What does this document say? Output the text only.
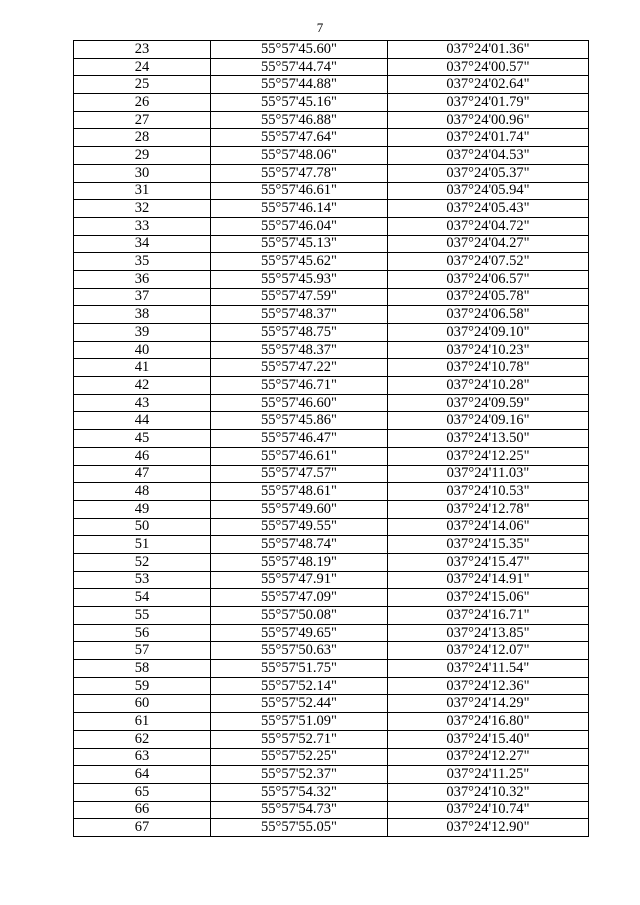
7
23	55°57'45.60"	037°24'01.36"
24	55°57'44.74"	037°24'00.57"
25	55°57'44.88"	037°24'02.64"
26	55°57'45.16"	037°24'01.79"
27	55°57'46.88"	037°24'00.96"
28	55°57'47.64"	037°24'01.74"
29	55°57'48.06"	037°24'04.53"
30	55°57'47.78"	037°24'05.37"
31	55°57'46.61"	037°24'05.94"
32	55°57'46.14"	037°24'05.43"
33	55°57'46.04"	037°24'04.72"
34	55°57'45.13"	037°24'04.27"
35	55°57'45.62"	037°24'07.52"
36	55°57'45.93"	037°24'06.57"
37	55°57'47.59"	037°24'05.78"
38	55°57'48.37"	037°24'06.58"
39	55°57'48.75"	037°24'09.10"
40	55°57'48.37"	037°24'10.23"
41	55°57'47.22"	037°24'10.78"
42	55°57'46.71"	037°24'10.28"
43	55°57'46.60"	037°24'09.59"
44	55°57'45.86"	037°24'09.16"
45	55°57'46.47"	037°24'13.50"
46	55°57'46.61"	037°24'12.25"
47	55°57'47.57"	037°24'11.03"
48	55°57'48.61"	037°24'10.53"
49	55°57'49.60"	037°24'12.78"
50	55°57'49.55"	037°24'14.06"
51	55°57'48.74"	037°24'15.35"
52	55°57'48.19"	037°24'15.47"
53	55°57'47.91"	037°24'14.91"
54	55°57'47.09"	037°24'15.06"
55	55°57'50.08"	037°24'16.71"
56	55°57'49.65"	037°24'13.85"
57	55°57'50.63"	037°24'12.07"
58	55°57'51.75"	037°24'11.54"
59	55°57'52.14"	037°24'12.36"
60	55°57'52.44"	037°24'14.29"
61	55°57'51.09"	037°24'16.80"
62	55°57'52.71"	037°24'15.40"
63	55°57'52.25"	037°24'12.27"
64	55°57'52.37"	037°24'11.25"
65	55°57'54.32"	037°24'10.32"
66	55°57'54.73"	037°24'10.74"
67	55°57'55.05"	037°24'12.90"
